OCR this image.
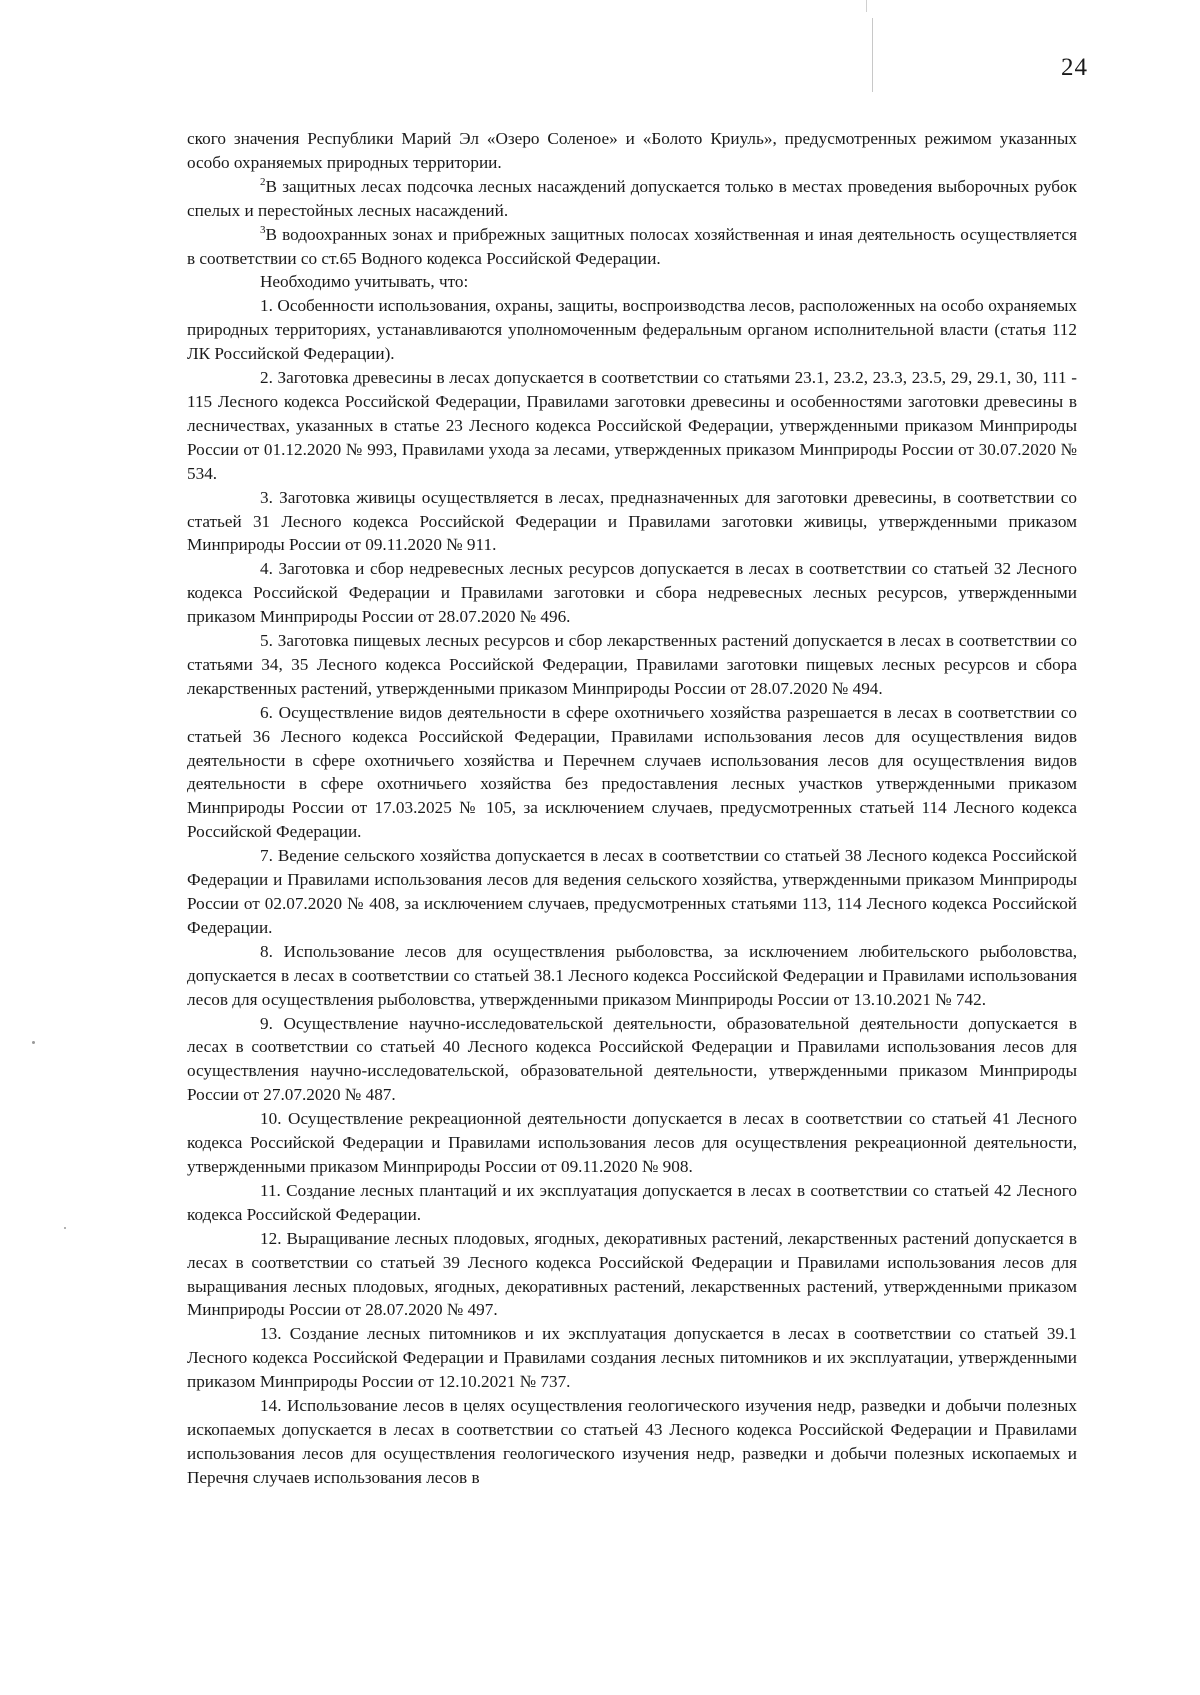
24

ского значения Республики Марий Эл «Озеро Соленое» и «Болото Криуль», предусмотренных режимом указанных особо охраняемых природных территории.

$^2$В защитных лесах подсочка лесных насаждений допускается только в местах проведения выборочных рубок спелых и перестойных лесных насаждений.

$^3$В водоохранных зонах и прибрежных защитных полосах хозяйственная и иная деятельность осуществляется в соответствии со ст.65 Водного кодекса Российской Федерации.

Необходимо учитывать, что:

1. Особенности использования, охраны, защиты, воспроизводства лесов, расположенных на особо охраняемых природных территориях, устанавливаются уполномоченным федеральным органом исполнительной власти (статья 112 ЛК Российской Федерации).

2. Заготовка древесины в лесах допускается в соответствии со статьями 23.1, 23.2, 23.3, 23.5, 29, 29.1, 30, 111 - 115 Лесного кодекса Российской Федерации, Правилами заготовки древесины и особенностями заготовки древесины в лесничествах, указанных в статье 23 Лесного кодекса Российской Федерации, утвержденными приказом Минприроды России от 01.12.2020 № 993, Правилами ухода за лесами, утвержденных приказом Минприроды России от 30.07.2020 № 534.

3. Заготовка живицы осуществляется в лесах, предназначенных для заготовки древесины, в соответствии со статьей 31 Лесного кодекса Российской Федерации и Правилами заготовки живицы, утвержденными приказом Минприроды России от 09.11.2020 № 911.

4. Заготовка и сбор недревесных лесных ресурсов допускается в лесах в соответствии со статьей 32 Лесного кодекса Российской Федерации и Правилами заготовки и сбора недревесных лесных ресурсов, утвержденными приказом Минприроды России от 28.07.2020 № 496.

5. Заготовка пищевых лесных ресурсов и сбор лекарственных растений допускается в лесах в соответствии со статьями 34, 35 Лесного кодекса Российской Федерации, Правилами заготовки пищевых лесных ресурсов и сбора лекарственных растений, утвержденными приказом Минприроды России от 28.07.2020 № 494.

6. Осуществление видов деятельности в сфере охотничьего хозяйства разрешается в лесах в соответствии со статьей 36 Лесного кодекса Российской Федерации, Правилами использования лесов для осуществления видов деятельности в сфере охотничьего хозяйства и Перечнем случаев использования лесов для осуществления видов деятельности в сфере охотничьего хозяйства без предоставления лесных участков утвержденными приказом Минприроды России от 17.03.2025 № 105, за исключением случаев, предусмотренных статьей 114 Лесного кодекса Российской Федерации.

7. Ведение сельского хозяйства допускается в лесах в соответствии со статьей 38 Лесного кодекса Российской Федерации и Правилами использования лесов для ведения сельского хозяйства, утвержденными приказом Минприроды России от 02.07.2020 № 408, за исключением случаев, предусмотренных статьями 113, 114 Лесного кодекса Российской Федерации.

8. Использование лесов для осуществления рыболовства, за исключением любительского рыболовства, допускается в лесах в соответствии со статьей 38.1 Лесного кодекса Российской Федерации и Правилами использования лесов для осуществления рыболовства, утвержденными приказом Минприроды России от 13.10.2021 № 742.

9. Осуществление научно-исследовательской деятельности, образовательной деятельности допускается в лесах в соответствии со статьей 40 Лесного кодекса Российской Федерации и Правилами использования лесов для осуществления научно-исследовательской, образовательной деятельности, утвержденными приказом Минприроды России от 27.07.2020 № 487.

10. Осуществление рекреационной деятельности допускается в лесах в соответствии со статьей 41 Лесного кодекса Российской Федерации и Правилами использования лесов для осуществления рекреационной деятельности, утвержденными приказом Минприроды России от 09.11.2020 № 908.

11. Создание лесных плантаций и их эксплуатация допускается в лесах в соответствии со статьей 42 Лесного кодекса Российской Федерации.

12. Выращивание лесных плодовых, ягодных, декоративных растений, лекарственных растений допускается в лесах в соответствии со статьей 39 Лесного кодекса Российской Федерации и Правилами использования лесов для выращивания лесных плодовых, ягодных, декоративных растений, лекарственных растений, утвержденными приказом Минприроды России от 28.07.2020 № 497.

13. Создание лесных питомников и их эксплуатация допускается в лесах в соответствии со статьей 39.1 Лесного кодекса Российской Федерации и Правилами создания лесных питомников и их эксплуатации, утвержденными приказом Минприроды России от 12.10.2021 № 737.

14. Использование лесов в целях осуществления геологического изучения недр, разведки и добычи полезных ископаемых допускается в лесах в соответствии со статьей 43 Лесного кодекса Российской Федерации и Правилами использования лесов для осуществления геологического изучения недр, разведки и добычи полезных ископаемых и Перечня случаев использования лесов в
